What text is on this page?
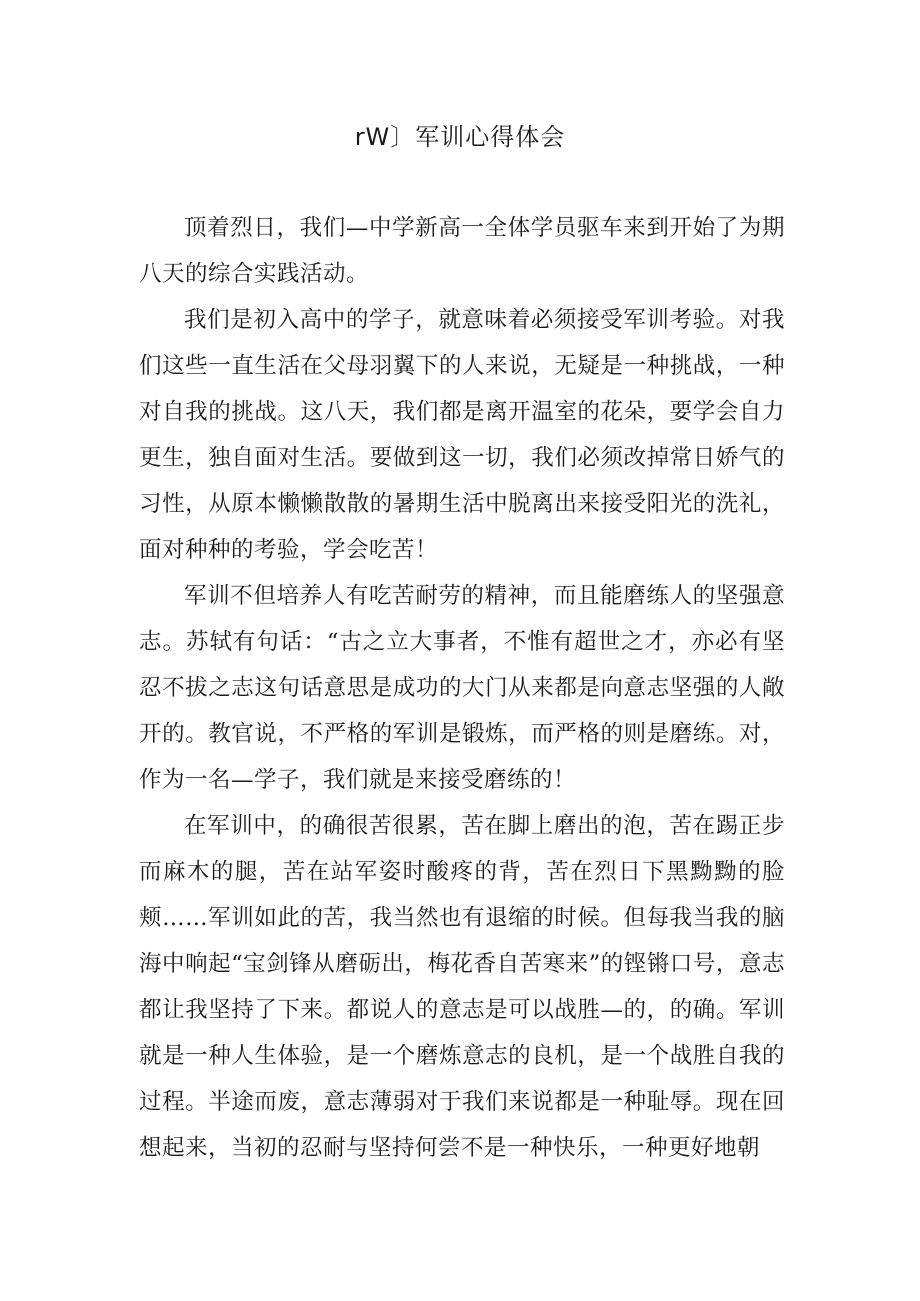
rW〕军训心得体会

顶着烈日，我们—中学新高一全体学员驱车来到开始了为期八天的综合实践活动。

我们是初入高中的学子，就意味着必须接受军训考验。对我们这些一直生活在父母羽翼下的人来说，无疑是一种挑战，一种对自我的挑战。这八天，我们都是离开温室的花朵，要学会自力更生，独自面对生活。要做到这一切，我们必须改掉常日娇气的习性，从原本懒懒散散的暑期生活中脱离出来接受阳光的洗礼，面对种种的考验，学会吃苦！

军训不但培养人有吃苦耐劳的精神，而且能磨练人的坚强意志。苏轼有句话：“古之立大事者，不惟有超世之才，亦必有坚忍不拔之志这句话意思是成功的大门从来都是向意志坚强的人敞开的。教官说，不严格的军训是锻炼，而严格的则是磨练。对，作为一名—学子，我们就是来接受磨练的！

在军训中，的确很苦很累，苦在脚上磨出的泡，苦在踢正步而麻木的腿，苦在站军姿时酸疼的背，苦在烈日下黑黝黝的脸颊……军训如此的苦，我当然也有退缩的时候。但每我当我的脑海中响起“宝剑锋从磨砺出，梅花香自苦寒来”的铿锵口号，意志都让我坚持了下来。都说人的意志是可以战胜—的，的确。军训就是一种人生体验，是一个磨炼意志的良机，是一个战胜自我的过程。半途而废，意志薄弱对于我们来说都是一种耻辱。现在回想起来，当初的忍耐与坚持何尝不是一种快乐，一种更好地朝
